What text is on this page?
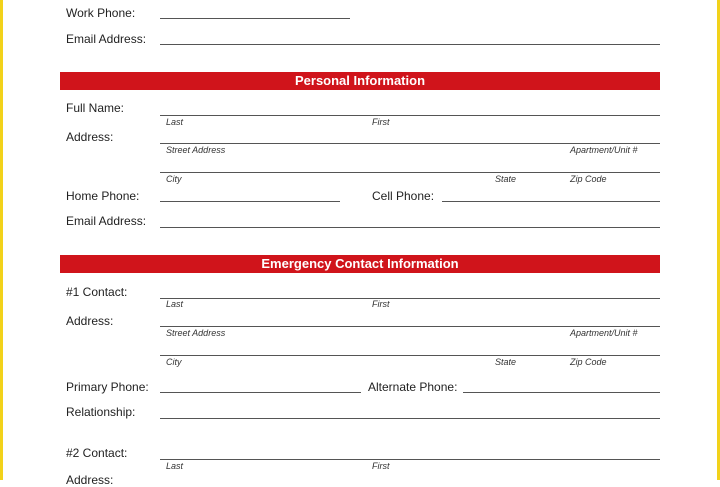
Work Phone:
Email Address:
Personal Information
Full Name:
Last	First
Address:
Street Address	Apartment/Unit #
City	State	Zip Code
Home Phone:	Cell Phone:
Email Address:
Emergency Contact Information
#1 Contact:
Last	First
Address:
Street Address	Apartment/Unit #
City	State	Zip Code
Primary Phone:	Alternate Phone:
Relationship:
#2 Contact:
Last	First
Address:
